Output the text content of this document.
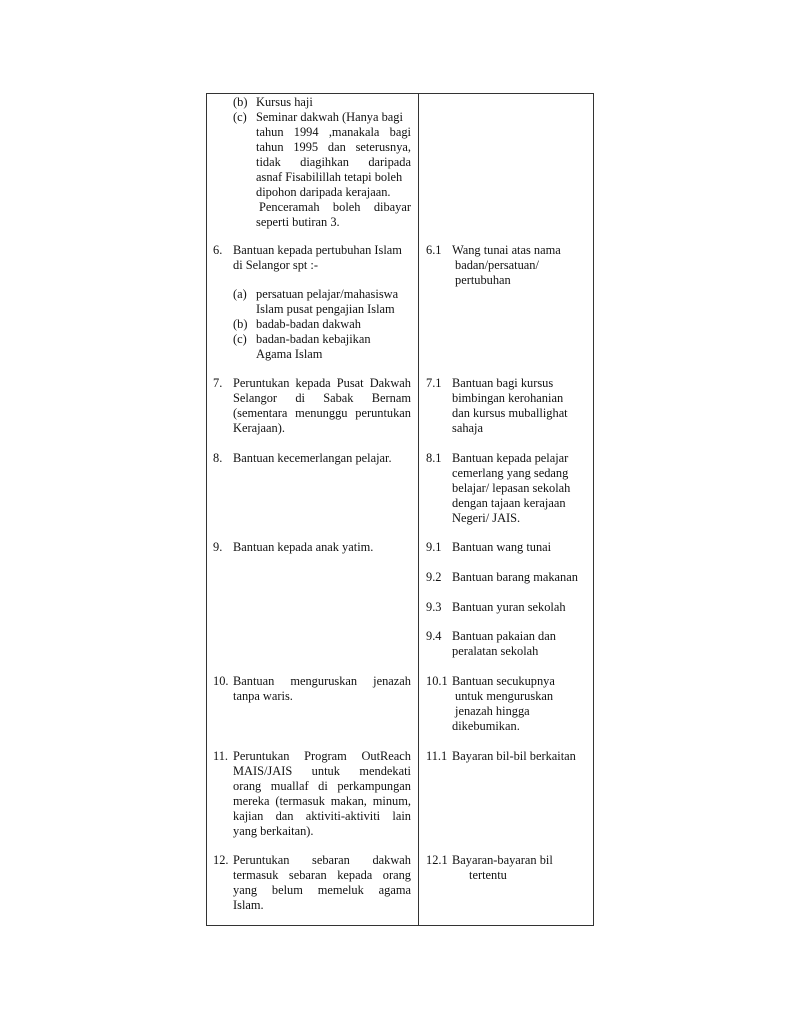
(b) Kursus haji
(c) Seminar dakwah (Hanya bagi
tahun 1994 ,manakala bagi
tahun 1995 dan seterusnya,
tidak diagihkan daripada
asnaf Fisabilillah tetapi boleh
dipohon daripada kerajaan.
Penceramah boleh dibayar
seperti butiran 3.
6. Bantuan kepada pertubuhan Islam
di Selangor spt :-
(a) persatuan pelajar/mahasiswa
Islam pusat pengajian Islam
(b) badab-badan dakwah
(c) badan-badan kebajikan
Agama Islam
6.1 Wang tunai atas nama
badan/persatuan/
pertubuhan
7. Peruntukan kepada Pusat Dakwah
Selangor di Sabak Bernam
(sementara menunggu peruntukan
Kerajaan).
7.1 Bantuan bagi kursus
bimbingan kerohanian
dan kursus muballighat
sahaja
8. Bantuan kecemerlangan pelajar.	8.1 Bantuan kepada pelajar
cemerlang yang sedang
belajar/ lepasan sekolah
dengan tajaan kerajaan
Negeri/ JAIS.
9. Bantuan kepada anak yatim.	9.1 Bantuan wang tunai
9.2 Bantuan barang makanan
9.3 Bantuan yuran sekolah
9.4 Bantuan pakaian dan
peralatan sekolah
10. Bantuan menguruskan jenazah
tanpa waris.
10.1 Bantuan secukupnya
untuk menguruskan
jenazah hingga
dikebumikan.
11. Peruntukan Program OutReach
MAIS/JAIS untuk mendekati
orang muallaf di perkampungan
mereka (termasuk makan, minum,
kajian dan aktiviti-aktiviti lain
yang berkaitan).
11.1 Bayaran bil-bil berkaitan
12. Peruntukan sebaran dakwah
termasuk sebaran kepada orang
yang belum memeluk agama
Islam.
12.1 Bayaran-bayaran bil
tertentu
